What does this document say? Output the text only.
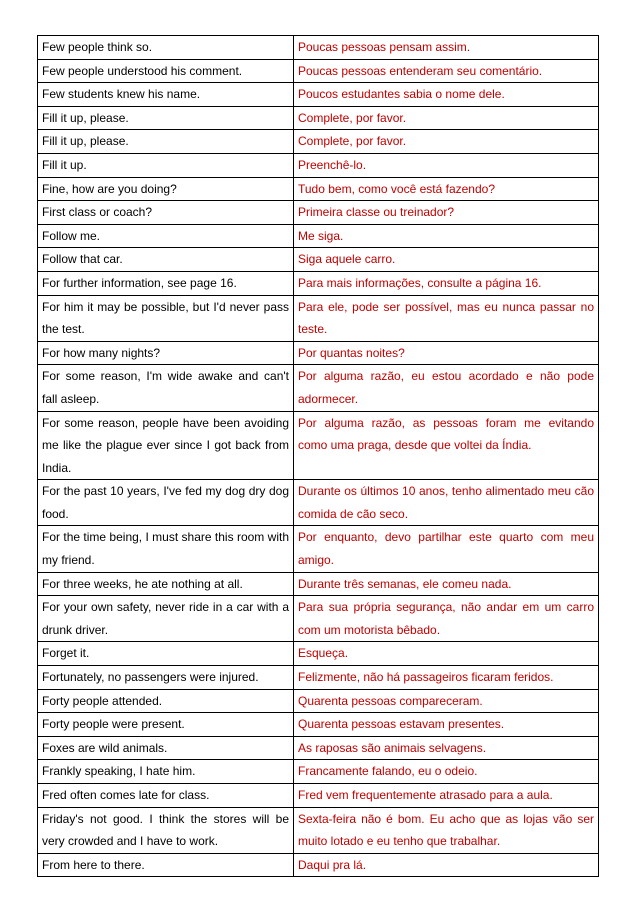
Few people think so.	Poucas pessoas pensam assim.
Few people understood his comment.	Poucas pessoas entenderam seu comentário.
Few students knew his name.	Poucos estudantes sabia o nome dele.
Fill it up, please.	Complete, por favor.
Fill it up, please.	Complete, por favor.
Fill it up.	Preenchê-lo.
Fine, how are you doing?	Tudo bem, como você está fazendo?
First class or coach?	Primeira classe ou treinador?
Follow me.	Me siga.
Follow that car.	Siga aquele carro.
For further information, see page 16.	Para mais informações, consulte a página 16.
For him it may be possible, but I'd never pass the test.	Para ele, pode ser possível, mas eu nunca passar no teste.
For how many nights?	Por quantas noites?
For some reason, I'm wide awake and can't fall asleep.	Por alguma razão, eu estou acordado e não pode adormecer.
For some reason, people have been avoiding me like the plague ever since I got back from India.	Por alguma razão, as pessoas foram me evitando como uma praga, desde que voltei da Índia.
For the past 10 years, I've fed my dog dry dog food.	Durante os últimos 10 anos, tenho alimentado meu cão comida de cão seco.
For the time being, I must share this room with my friend.	Por enquanto, devo partilhar este quarto com meu amigo.
For three weeks, he ate nothing at all.	Durante três semanas, ele comeu nada.
For your own safety, never ride in a car with a drunk driver.	Para sua própria segurança, não andar em um carro com um motorista bêbado.
Forget it.	Esqueça.
Fortunately, no passengers were injured.	Felizmente, não há passageiros ficaram feridos.
Forty people attended.	Quarenta pessoas compareceram.
Forty people were present.	Quarenta pessoas estavam presentes.
Foxes are wild animals.	As raposas são animais selvagens.
Frankly speaking, I hate him.	Francamente falando, eu o odeio.
Fred often comes late for class.	Fred vem frequentemente atrasado para a aula.
Friday's not good. I think the stores will be very crowded and I have to work.	Sexta-feira não é bom. Eu acho que as lojas vão ser muito lotado e eu tenho que trabalhar.
From here to there.	Daqui pra lá.
